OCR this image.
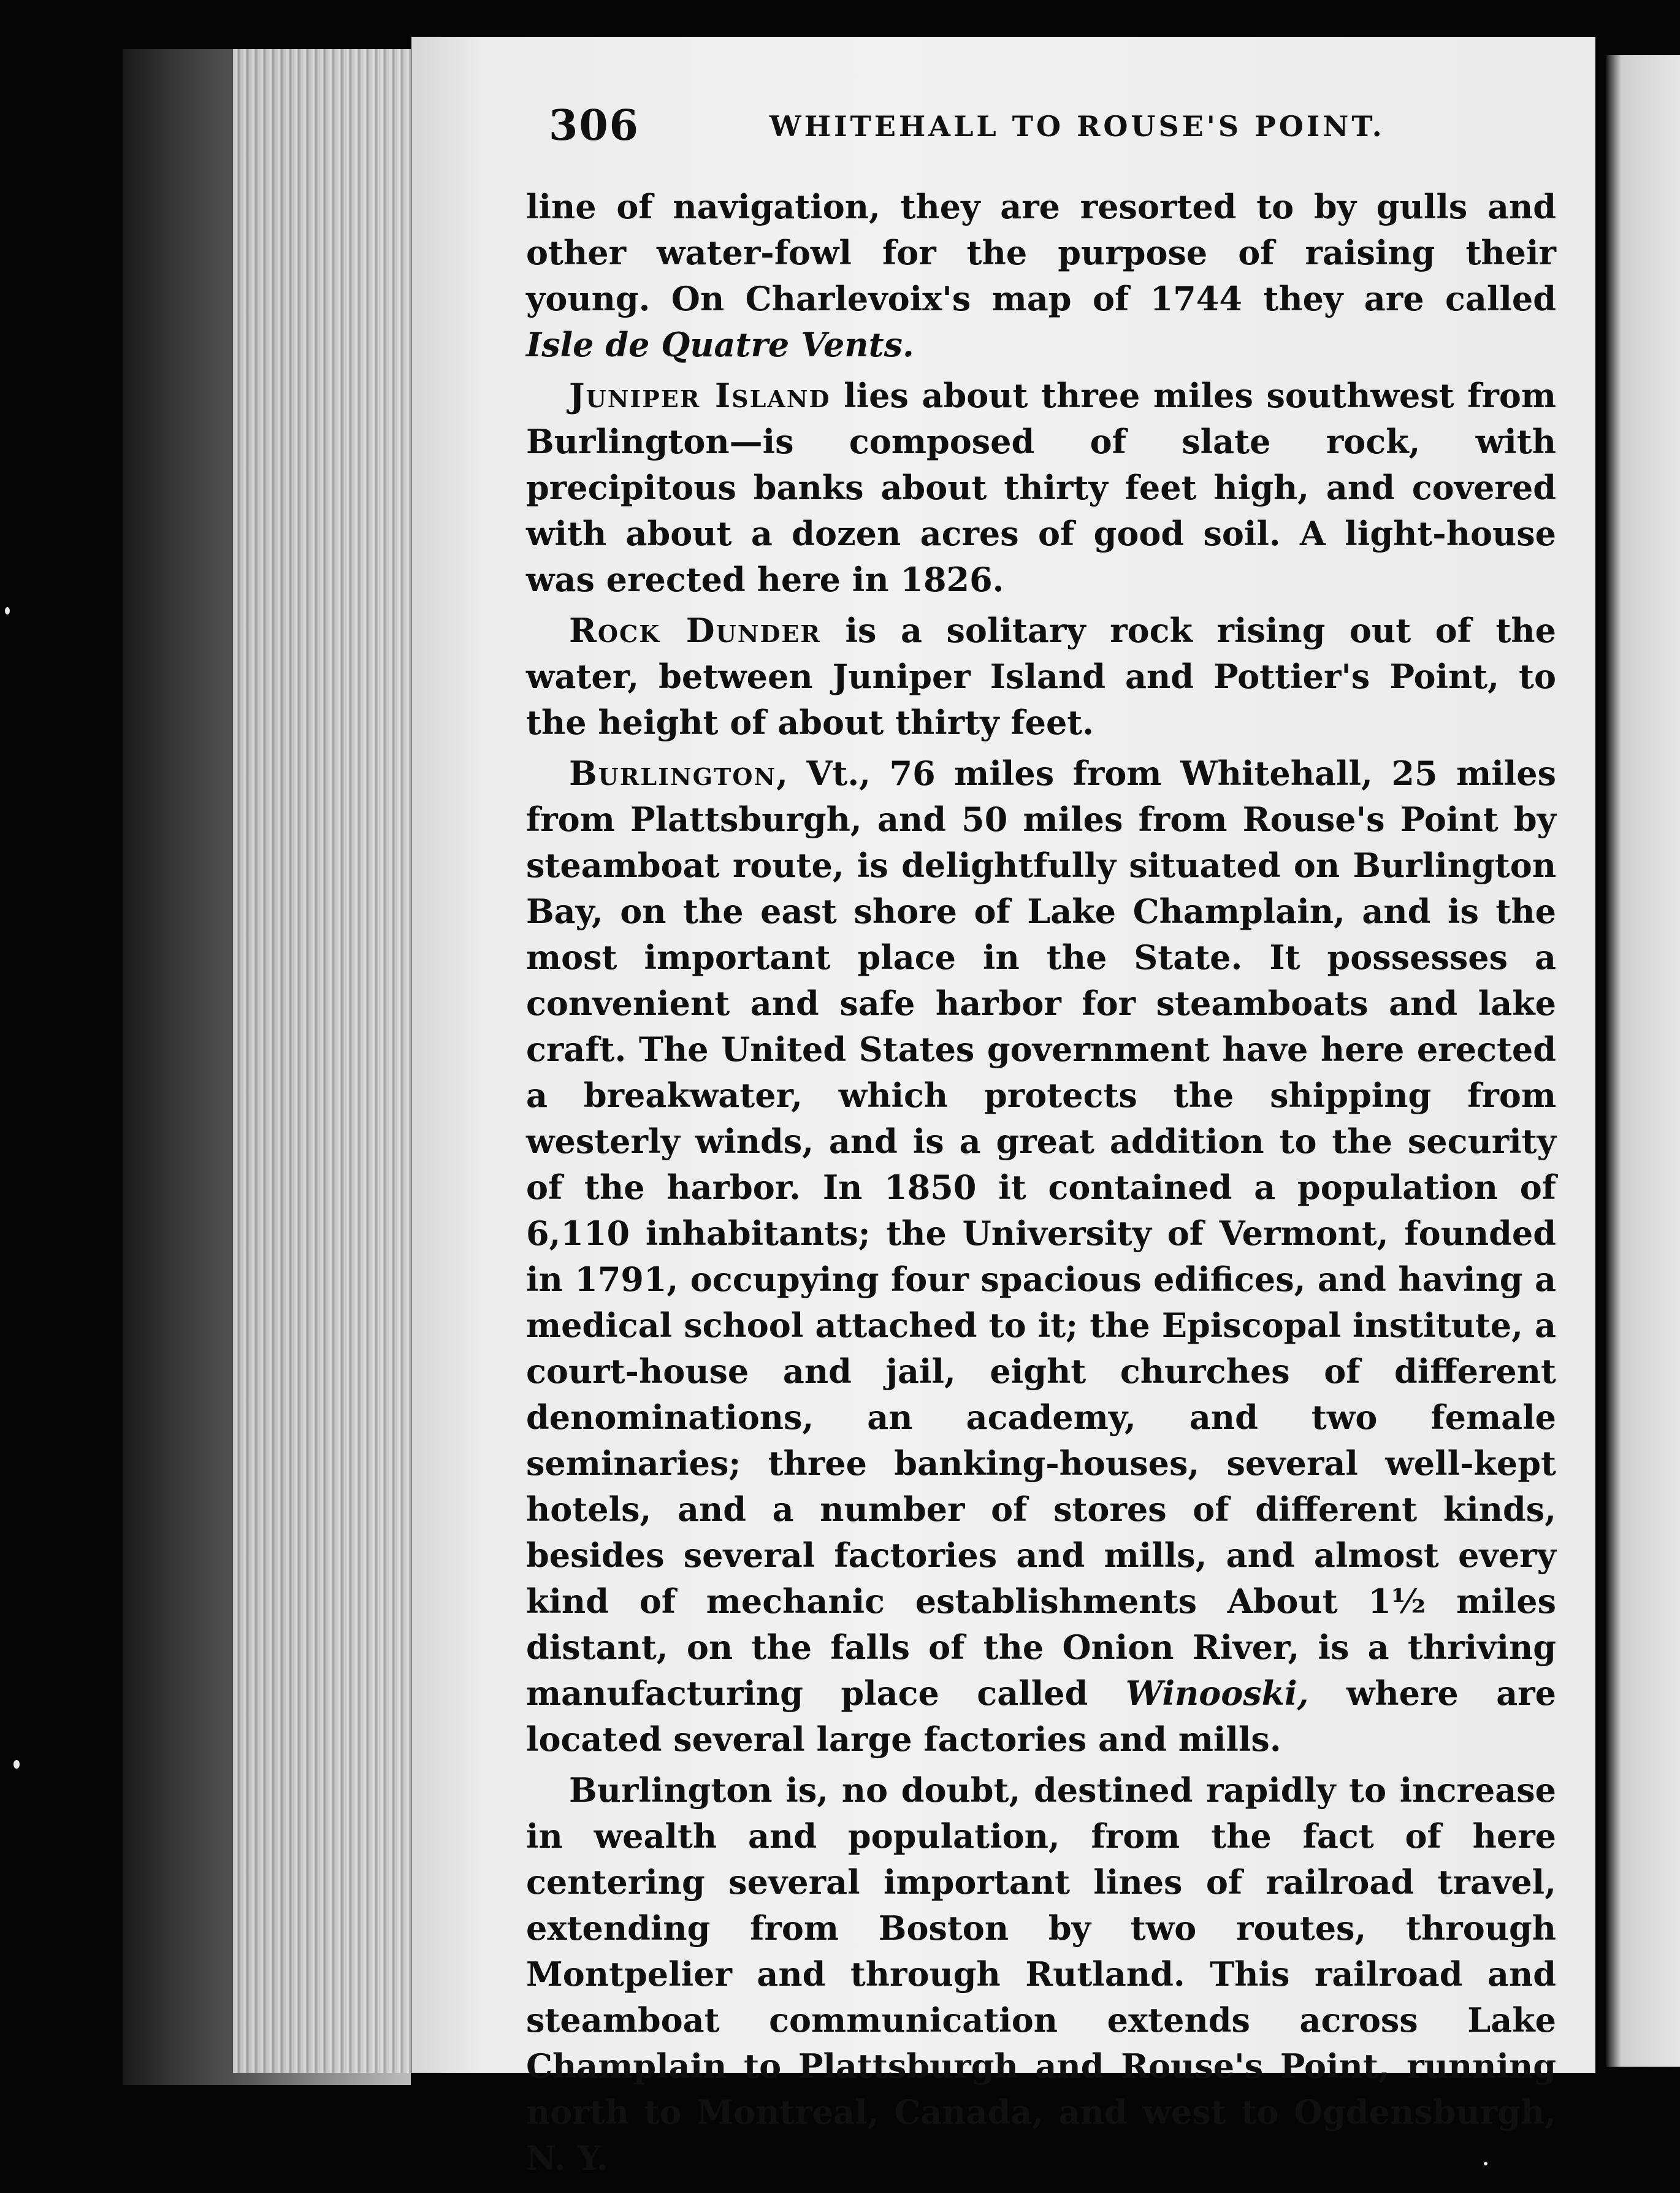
306	WHITEHALL TO ROUSE'S POINT.

line of navigation, they are resorted to by gulls and other water-fowl for the purpose of raising their young. On Charlevoix's map of 1744 they are called Isle de Quatre Vents.

Juniper Island lies about three miles southwest from Burlington—is composed of slate rock, with precipitous banks about thirty feet high, and covered with about a dozen acres of good soil. A light-house was erected here in 1826.

Rock Dunder is a solitary rock rising out of the water, between Juniper Island and Pottier's Point, to the height of about thirty feet.

Burlington, Vt., 76 miles from Whitehall, 25 miles from Plattsburgh, and 50 miles from Rouse's Point by steamboat route, is delightfully situated on Burlington Bay, on the east shore of Lake Champlain, and is the most important place in the State. It possesses a convenient and safe harbor for steamboats and lake craft. The United States government have here erected a breakwater, which protects the shipping from westerly winds, and is a great addition to the security of the harbor. In 1850 it contained a population of 6,110 inhabitants; the University of Vermont, founded in 1791, occupying four spacious edifices, and having a medical school attached to it; the Episcopal institute, a court-house and jail, eight churches of different denominations, an academy, and two female seminaries; three banking-houses, several well-kept hotels, and a number of stores of different kinds, besides several factories and mills, and almost every kind of mechanic establishments About 1½ miles distant, on the falls of the Onion River, is a thriving manufacturing place called Winooski, where are located several large factories and mills.

Burlington is, no doubt, destined rapidly to increase in wealth and population, from the fact of here centering several important lines of railroad travel, extending from Boston by two routes, through Montpelier and through Rutland. This railroad and steamboat communication extends across Lake Champlain to Plattsburgh and Rouse's Point, running north to Montreal, Canada, and west to Ogdensburgh, N. Y.
